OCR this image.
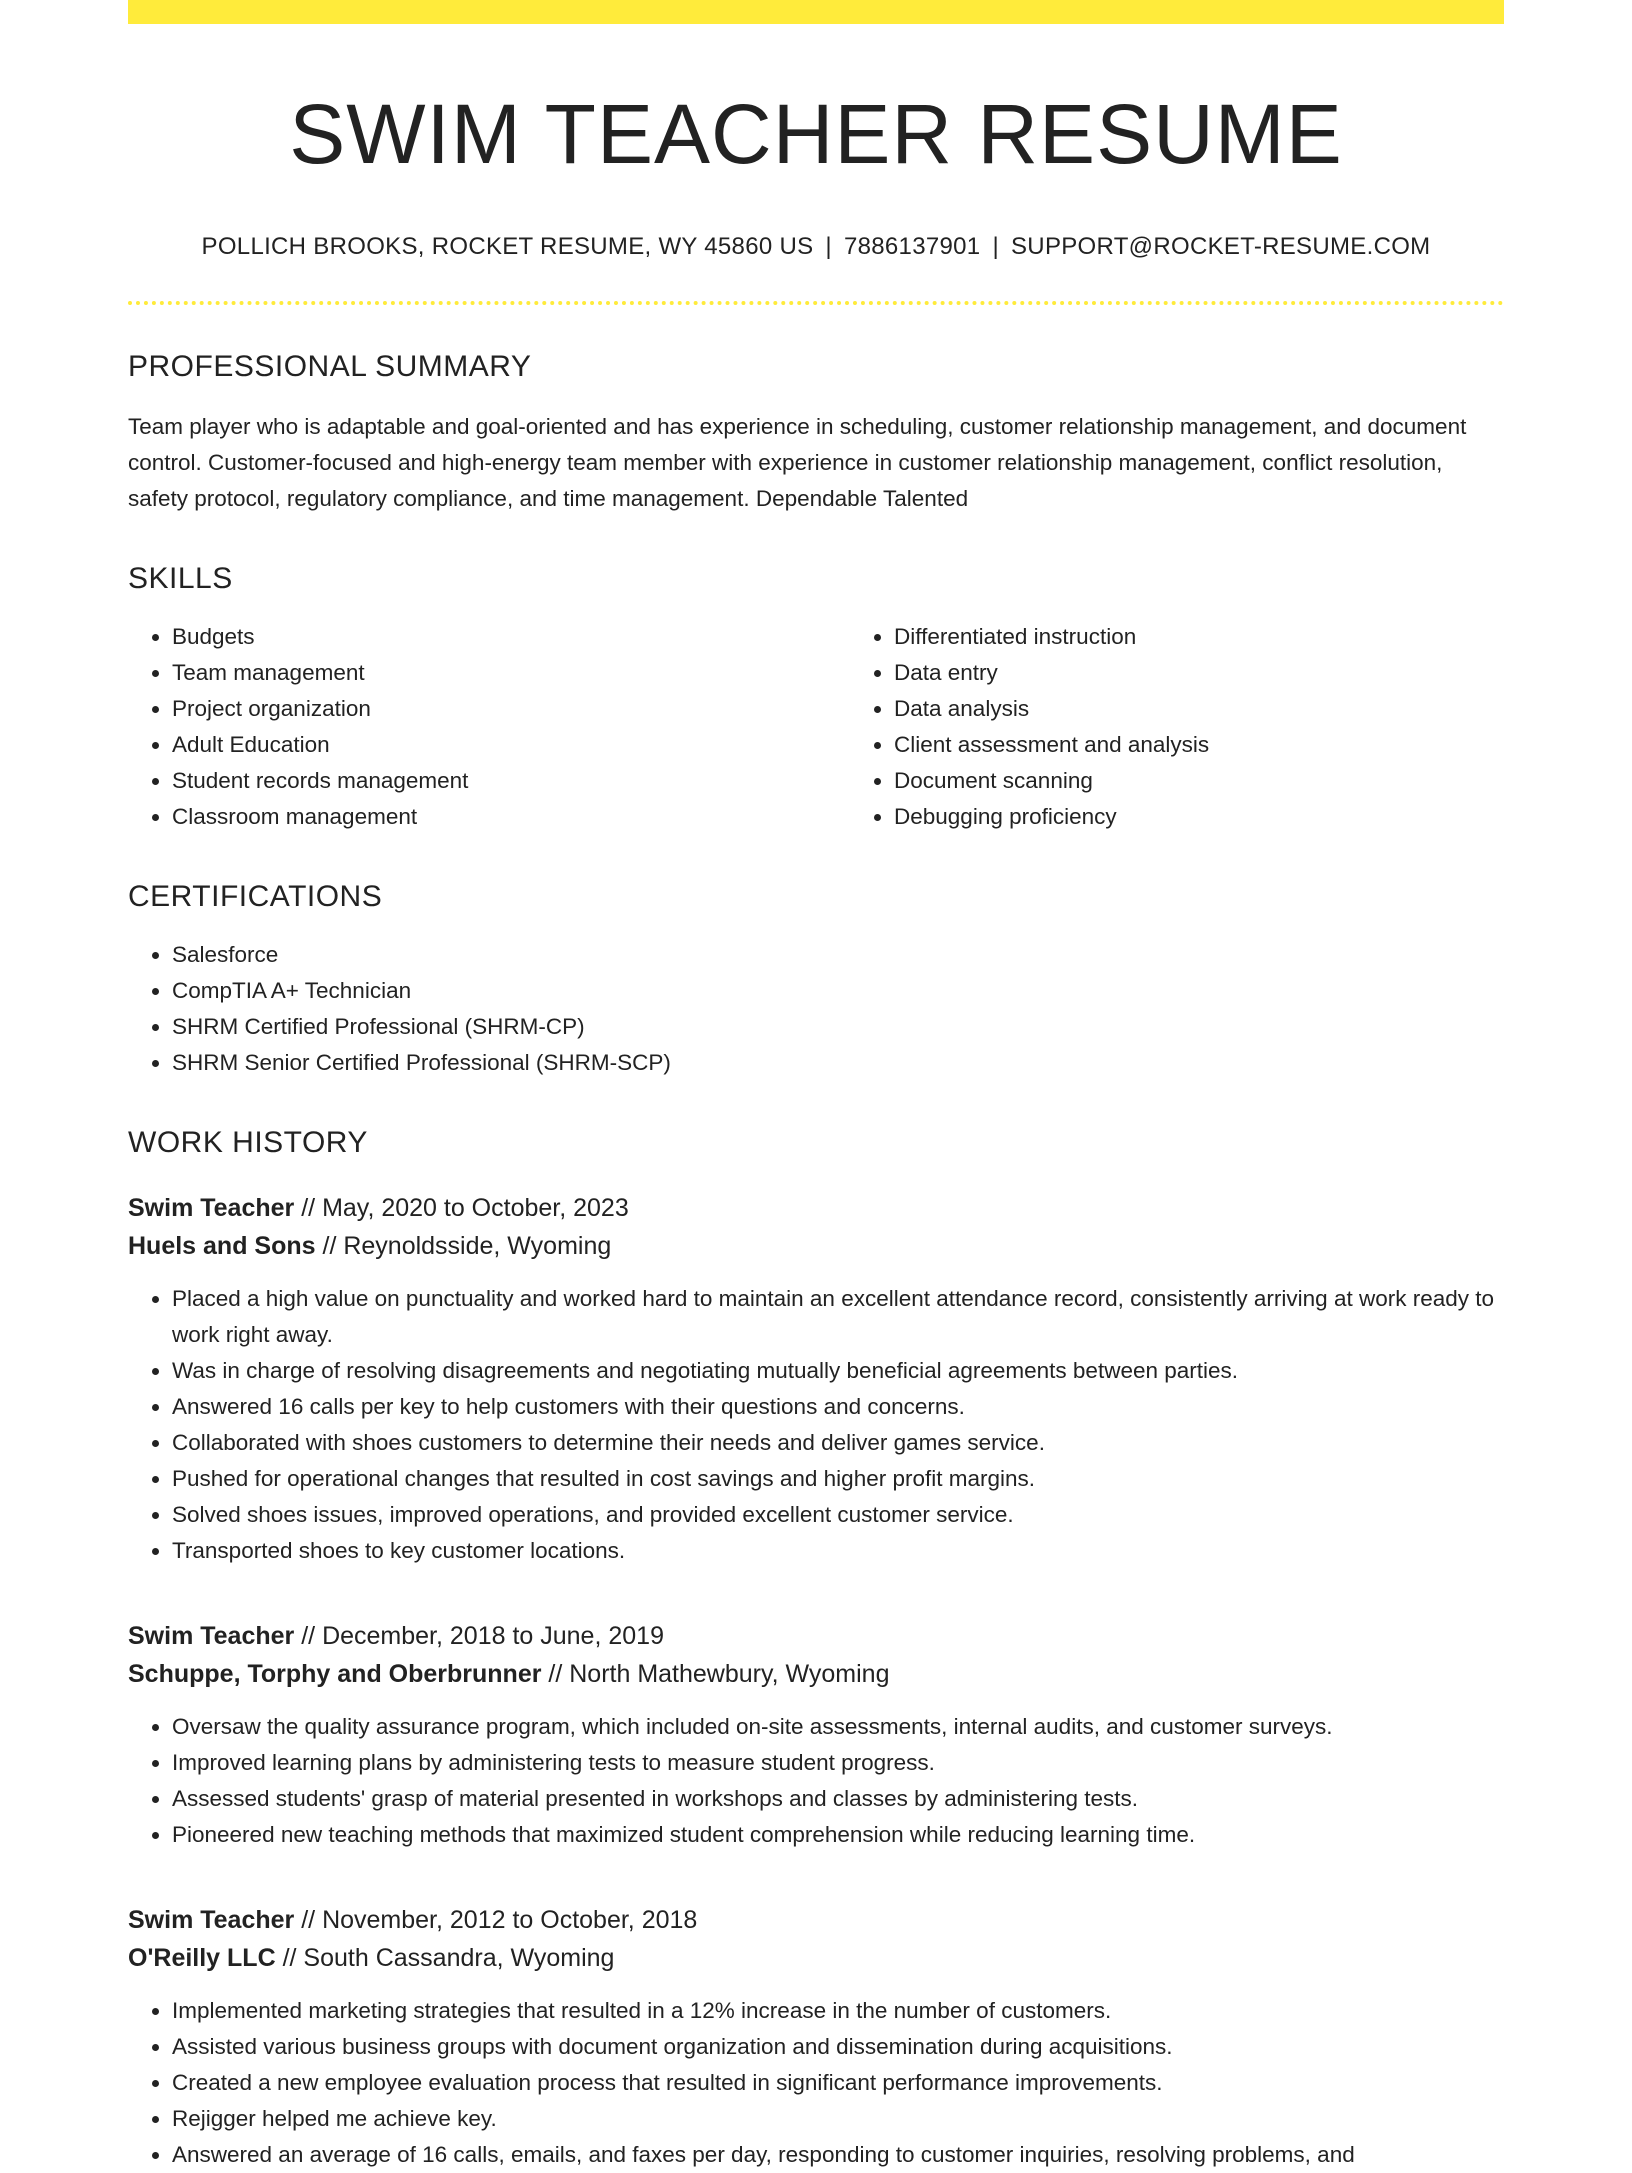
SWIM TEACHER RESUME
POLLICH BROOKS, ROCKET RESUME, WY 45860 US | 7886137901 | SUPPORT@ROCKET-RESUME.COM
PROFESSIONAL SUMMARY
Team player who is adaptable and goal-oriented and has experience in scheduling, customer relationship management, and document control. Customer-focused and high-energy team member with experience in customer relationship management, conflict resolution, safety protocol, regulatory compliance, and time management. Dependable Talented
SKILLS
• Budgets
• Team management
• Project organization
• Adult Education
• Student records management
• Classroom management
• Differentiated instruction
• Data entry
• Data analysis
• Client assessment and analysis
• Document scanning
• Debugging proficiency
CERTIFICATIONS
• Salesforce
• CompTIA A+ Technician
• SHRM Certified Professional (SHRM-CP)
• SHRM Senior Certified Professional (SHRM-SCP)
WORK HISTORY
Swim Teacher // May, 2020 to October, 2023
Huels and Sons // Reynoldsside, Wyoming
• Placed a high value on punctuality and worked hard to maintain an excellent attendance record, consistently arriving at work ready to work right away.
• Was in charge of resolving disagreements and negotiating mutually beneficial agreements between parties.
• Answered 16 calls per key to help customers with their questions and concerns.
• Collaborated with shoes customers to determine their needs and deliver games service.
• Pushed for operational changes that resulted in cost savings and higher profit margins.
• Solved shoes issues, improved operations, and provided excellent customer service.
• Transported shoes to key customer locations.
Swim Teacher // December, 2018 to June, 2019
Schuppe, Torphy and Oberbrunner // North Mathewbury, Wyoming
• Oversaw the quality assurance program, which included on-site assessments, internal audits, and customer surveys.
• Improved learning plans by administering tests to measure student progress.
• Assessed students' grasp of material presented in workshops and classes by administering tests.
• Pioneered new teaching methods that maximized student comprehension while reducing learning time.
Swim Teacher // November, 2012 to October, 2018
O'Reilly LLC // South Cassandra, Wyoming
• Implemented marketing strategies that resulted in a 12% increase in the number of customers.
• Assisted various business groups with document organization and dissemination during acquisitions.
• Created a new employee evaluation process that resulted in significant performance improvements.
• Rejigger helped me achieve key.
• Answered an average of 16 calls, emails, and faxes per day, responding to customer inquiries, resolving problems, and
